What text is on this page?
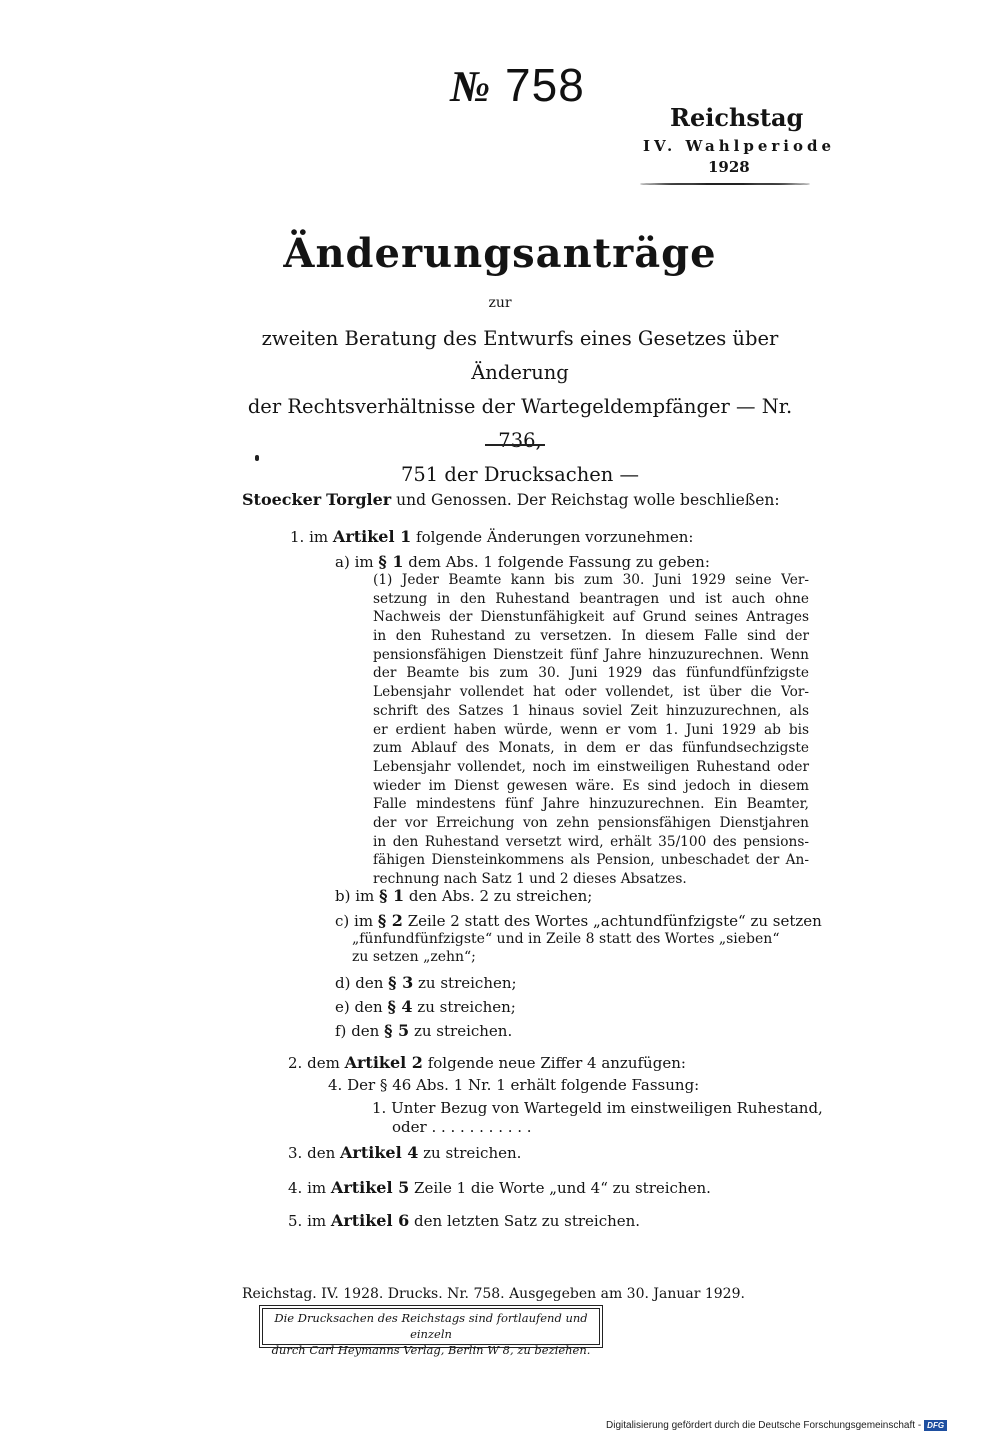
№ 758
Reichstag
IV. Wahlperiode
1928
Änderungsanträge
zur
zweiten Beratung des Entwurfs eines Gesetzes über Änderung
der Rechtsverhältnisse der Wartegeldempfänger — Nr. 736,
751 der Drucksachen —
Stoecker Torgler und Genossen. Der Reichstag wolle beschließen:
1. im Artikel 1 folgende Änderungen vorzunehmen:
a) im § 1 dem Abs. 1 folgende Fassung zu geben:
(1) Jeder Beamte kann bis zum 30. Juni 1929 seine Ver-
setzung in den Ruhestand beantragen und ist auch ohne
Nachweis der Dienstunfähigkeit auf Grund seines Antrages
in den Ruhestand zu versetzen. In diesem Falle sind der
pensionsfähigen Dienstzeit fünf Jahre hinzuzurechnen. Wenn
der Beamte bis zum 30. Juni 1929 das fünfundfünfzigste
Lebensjahr vollendet hat oder vollendet, ist über die Vor-
schrift des Satzes 1 hinaus soviel Zeit hinzuzurechnen, als
er erdient haben würde, wenn er vom 1. Juni 1929 ab bis
zum Ablauf des Monats, in dem er das fünfundsechzigste
Lebensjahr vollendet, noch im einstweiligen Ruhestand oder
wieder im Dienst gewesen wäre. Es sind jedoch in diesem
Falle mindestens fünf Jahre hinzuzurechnen. Ein Beamter,
der vor Erreichung von zehn pensionsfähigen Dienstjahren
in den Ruhestand versetzt wird, erhält 35/100 des pensions-
fähigen Diensteinkommens als Pension, unbeschadet der An-
rechnung nach Satz 1 und 2 dieses Absatzes.
b) im § 1 den Abs. 2 zu streichen;
c) im § 2 Zeile 2 statt des Wortes „achtundfünfzigste“ zu setzen
„fünfundfünfzigste“ und in Zeile 8 statt des Wortes „sieben“
zu setzen „zehn“;
d) den § 3 zu streichen;
e) den § 4 zu streichen;
f) den § 5 zu streichen.
2. dem Artikel 2 folgende neue Ziffer 4 anzufügen:
4. Der § 46 Abs. 1 Nr. 1 erhält folgende Fassung:
1. Unter Bezug von Wartegeld im einstweiligen Ruhestand,
oder . . . . . . . . . . .
3. den Artikel 4 zu streichen.
4. im Artikel 5 Zeile 1 die Worte „und 4“ zu streichen.
5. im Artikel 6 den letzten Satz zu streichen.
Reichstag. IV. 1928. Drucks. Nr. 758. Ausgegeben am 30. Januar 1929.
Die Drucksachen des Reichstags sind fortlaufend und einzeln
durch Carl Heymanns Verlag, Berlin W 8, zu beziehen.
Digitalisierung gefördert durch die Deutsche Forschungsgemeinschaft - DFG
